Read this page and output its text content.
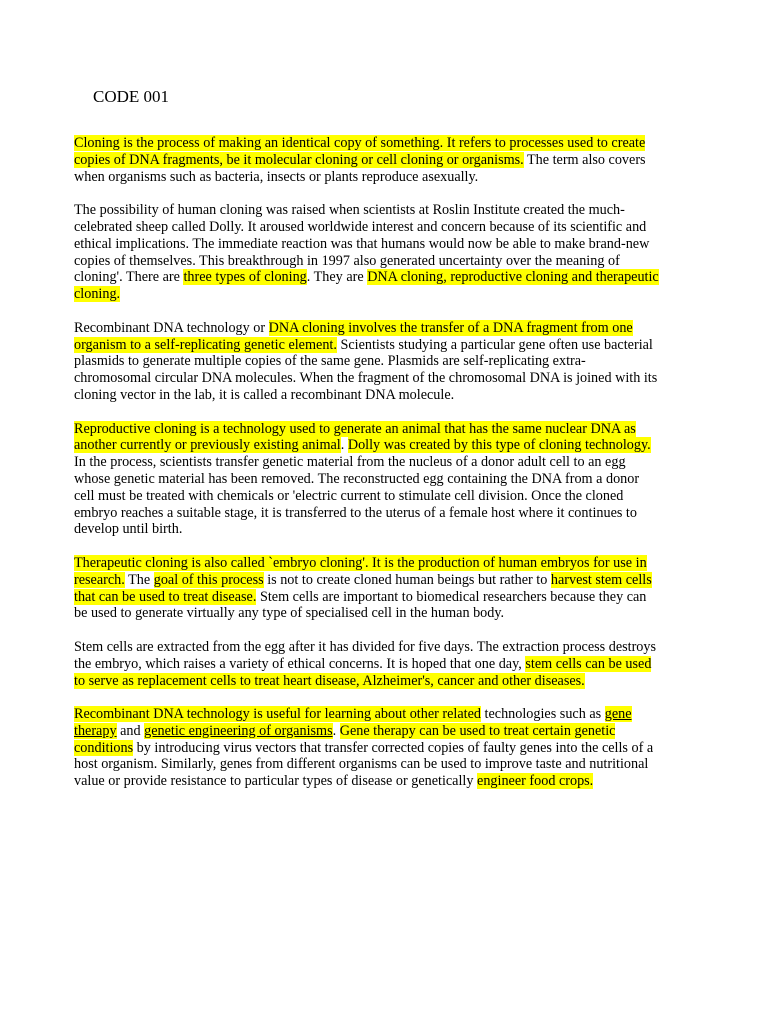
CODE 001

Cloning is the process of making an identical copy of something. It refers to processes used to create copies of DNA fragments, be it molecular cloning or cell cloning or organisms. The term also covers when organisms such as bacteria, insects or plants reproduce asexually.

The possibility of human cloning was raised when scientists at Roslin Institute created the much-celebrated sheep called Dolly. It aroused worldwide interest and concern because of its scientific and ethical implications. The immediate reaction was that humans would now be able to make brand-new copies of themselves. This breakthrough in 1997 also generated uncertainty over the meaning of cloning'. There are three types of cloning. They are DNA cloning, reproductive cloning and therapeutic cloning.

Recombinant DNA technology or DNA cloning involves the transfer of a DNA fragment from one organism to a self-replicating genetic element. Scientists studying a particular gene often use bacterial plasmids to generate multiple copies of the same gene. Plasmids are self-replicating extra-chromosomal circular DNA molecules. When the fragment of the chromosomal DNA is joined with its cloning vector in the lab, it is called a recombinant DNA molecule.

Reproductive cloning is a technology used to generate an animal that has the same nuclear DNA as another currently or previously existing animal. Dolly was created by this type of cloning technology. In the process, scientists transfer genetic material from the nucleus of a donor adult cell to an egg whose genetic material has been removed. The reconstructed egg containing the DNA from a donor cell must be treated with chemicals or 'electric current to stimulate cell division. Once the cloned embryo reaches a suitable stage, it is transferred to the uterus of a female host where it continues to develop until birth.

Therapeutic cloning is also called `embryo cloning'. It is the production of human embryos for use in research. The goal of this process is not to create cloned human beings but rather to harvest stem cells that can be used to treat disease. Stem cells are important to biomedical researchers because they can be used to generate virtually any type of specialised cell in the human body.

Stem cells are extracted from the egg after it has divided for five days. The extraction process destroys the embryo, which raises a variety of ethical concerns. It is hoped that one day, stem cells can be used to serve as replacement cells to treat heart disease, Alzheimer's, cancer and other diseases.

Recombinant DNA technology is useful for learning about other related technologies such as gene therapy and genetic engineering of organisms. Gene therapy can be used to treat certain genetic conditions by introducing virus vectors that transfer corrected copies of faulty genes into the cells of a host organism. Similarly, genes from different organisms can be used to improve taste and nutritional value or provide resistance to particular types of disease or genetically engineer food crops.
